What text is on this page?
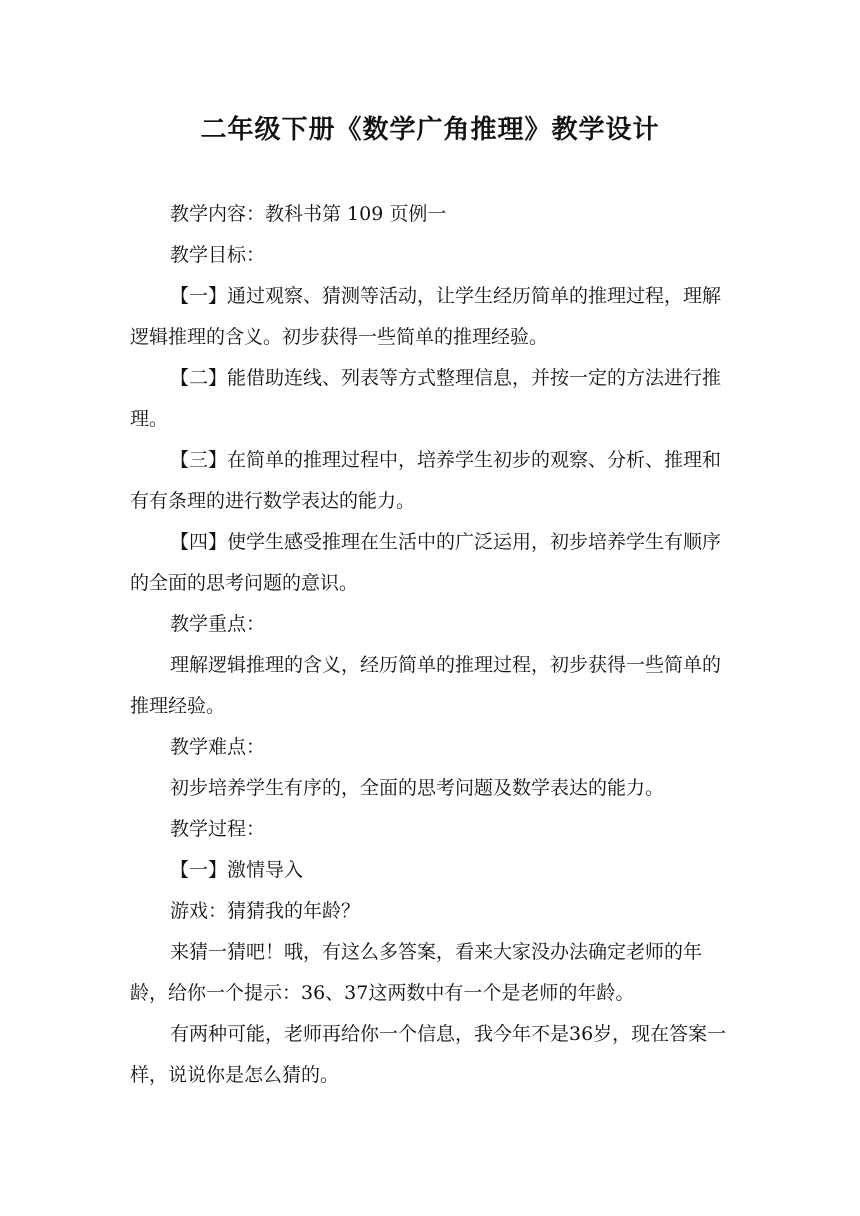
二年级下册《数学广角推理》教学设计

教学内容：教科书第 109 页例一

教学目标：

【一】通过观察、猜测等活动，让学生经历简单的推理过程，理解逻辑推理的含义。初步获得一些简单的推理经验。

【二】能借助连线、列表等方式整理信息，并按一定的方法进行推理。

【三】在简单的推理过程中，培养学生初步的观察、分析、推理和有有条理的进行数学表达的能力。

【四】使学生感受推理在生活中的广泛运用，初步培养学生有顺序的全面的思考问题的意识。

教学重点：

理解逻辑推理的含义，经历简单的推理过程，初步获得一些简单的推理经验。

教学难点：

初步培养学生有序的，全面的思考问题及数学表达的能力。

教学过程：

【一】激情导入

游戏：猜猜我的年龄？

来猜一猜吧！哦，有这么多答案，看来大家没办法确定老师的年龄，给你一个提示：36、37这两数中有一个是老师的年龄。

有两种可能，老师再给你一个信息，我今年不是36岁，现在答案一样，说说你是怎么猜的。
